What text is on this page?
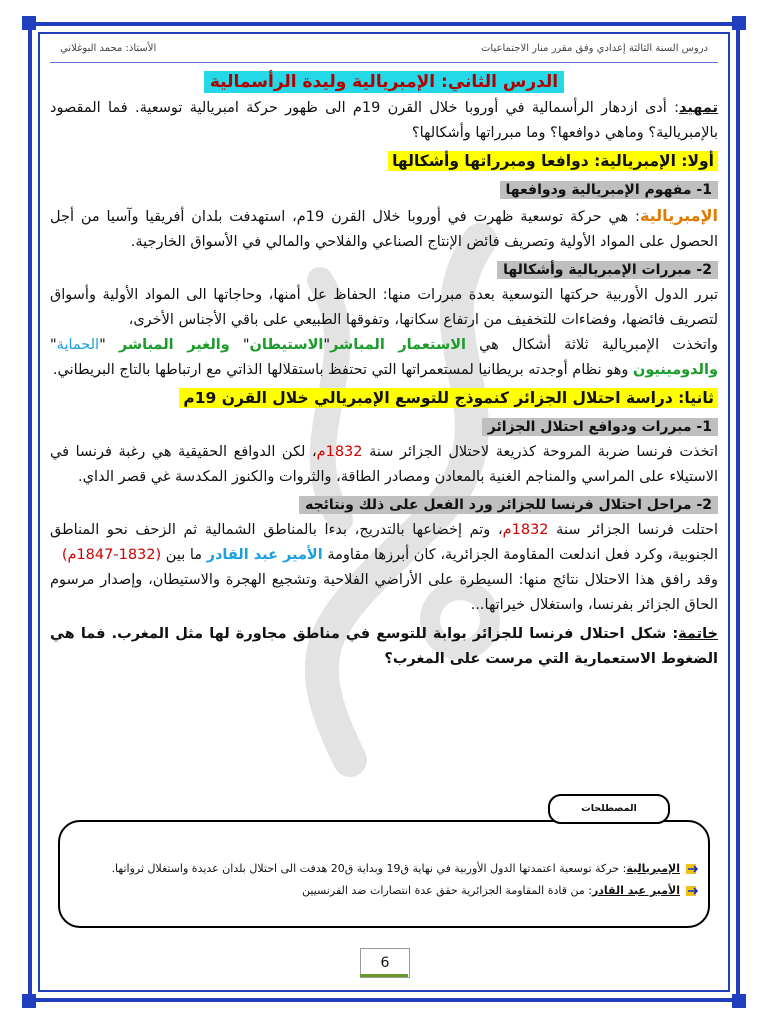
دروس السنة الثالثة إعدادي وفق مقرر منار الاجتماعيات
الأستاذ: محمد البوغلاني
الدرس الثاني: الإمبريالية وليدة الرأسمالية

تمهيد: أدى ازدهار الرأسمالية في أوروبا خلال القرن 19م الى ظهور حركة امبريالية توسعية. فما المقصود بالإمبريالية؟ وماهي دوافعها؟ وما مبرراتها وأشكالها؟

أولا: الإمبريالية: دوافعا ومبرراتها وأشكالها
1- مفهوم الإمبريالية ودوافعها

الإمبريالية: هي حركة توسعية ظهرت في أوروبا خلال القرن 19م، استهدفت بلدان أفريقيا وآسيا من أجل الحصول على المواد الأولية وتصريف فائض الإنتاج الصناعي والفلاحي والمالي في الأسواق الخارجية.

2- مبررات الإمبريالية وأشكالها

تبرر الدول الأوربية حركتها التوسعية بعدة مبررات منها: الحفاظ عل أمنها، وحاجاتها الى المواد الأولية وأسواق لتصريف فائضها، وفضاءات للتخفيف من ارتفاع سكانها، وتفوقها الطبيعي على باقي الأجناس الأخرى،

واتخذت الإمبريالية ثلاثة أشكال هي الاستعمار المباشر"الاستيطان" والغير المباشر "الحماية" والدومينيون وهو نظام أوجدته بريطانيا لمستعمراتها التي تحتفظ باستقلالها الذاتي مع ارتباطها بالتاج البريطاني.

ثانيا: دراسة احتلال الجزائر كنموذج للتوسع الإمبريالي خلال القرن 19م
1- مبررات ودوافع احتلال الجزائر

اتخذت فرنسا ضربة المروحة كذريعة لاحتلال الجزائر سنة 1832م، لكن الدوافع الحقيقية هي رغبة فرنسا في الاستيلاء على المراسي والمناجم الغنية بالمعادن ومصادر الطاقة، والثروات والكنوز المكدسة غي قصر الداي.

2- مراحل احتلال فرنسا للجزائر ورد الفعل على ذلك ونتائجه

احتلت فرنسا الجزائر سنة 1832م، وتم إخضاعها بالتدريج، بدءا بالمناطق الشمالية ثم الزحف نحو المناطق الجنوبية، وكرد فعل اندلعت المقاومة الجزائرية، كان أبرزها مقاومة الأمير عبد القادر ما بين (1832-1847م)

وقد رافق هذا الاحتلال نتائج منها: السيطرة على الأراضي الفلاحية وتشجيع الهجرة والاستيطان، وإصدار مرسوم الحاق الجزائر بفرنسا، واستغلال خيراتها...

خاتمة: شكل احتلال فرنسا للجزائر بوابة للتوسع في مناطق مجاورة لها مثل المغرب. فما هي الضغوط الاستعمارية التي مرست على المغرب؟

المصطلحات
الإمبريالية: حركة توسعية اعتمدتها الدول الأوربية في نهاية ق19 وبداية ق20 هدفت الى احتلال بلدان عديدة واستغلال ثرواتها.
الأمير عبد القادر: من قادة المقاومة الجزائرية حقق عدة انتصارات ضد الفرنسيين
6
